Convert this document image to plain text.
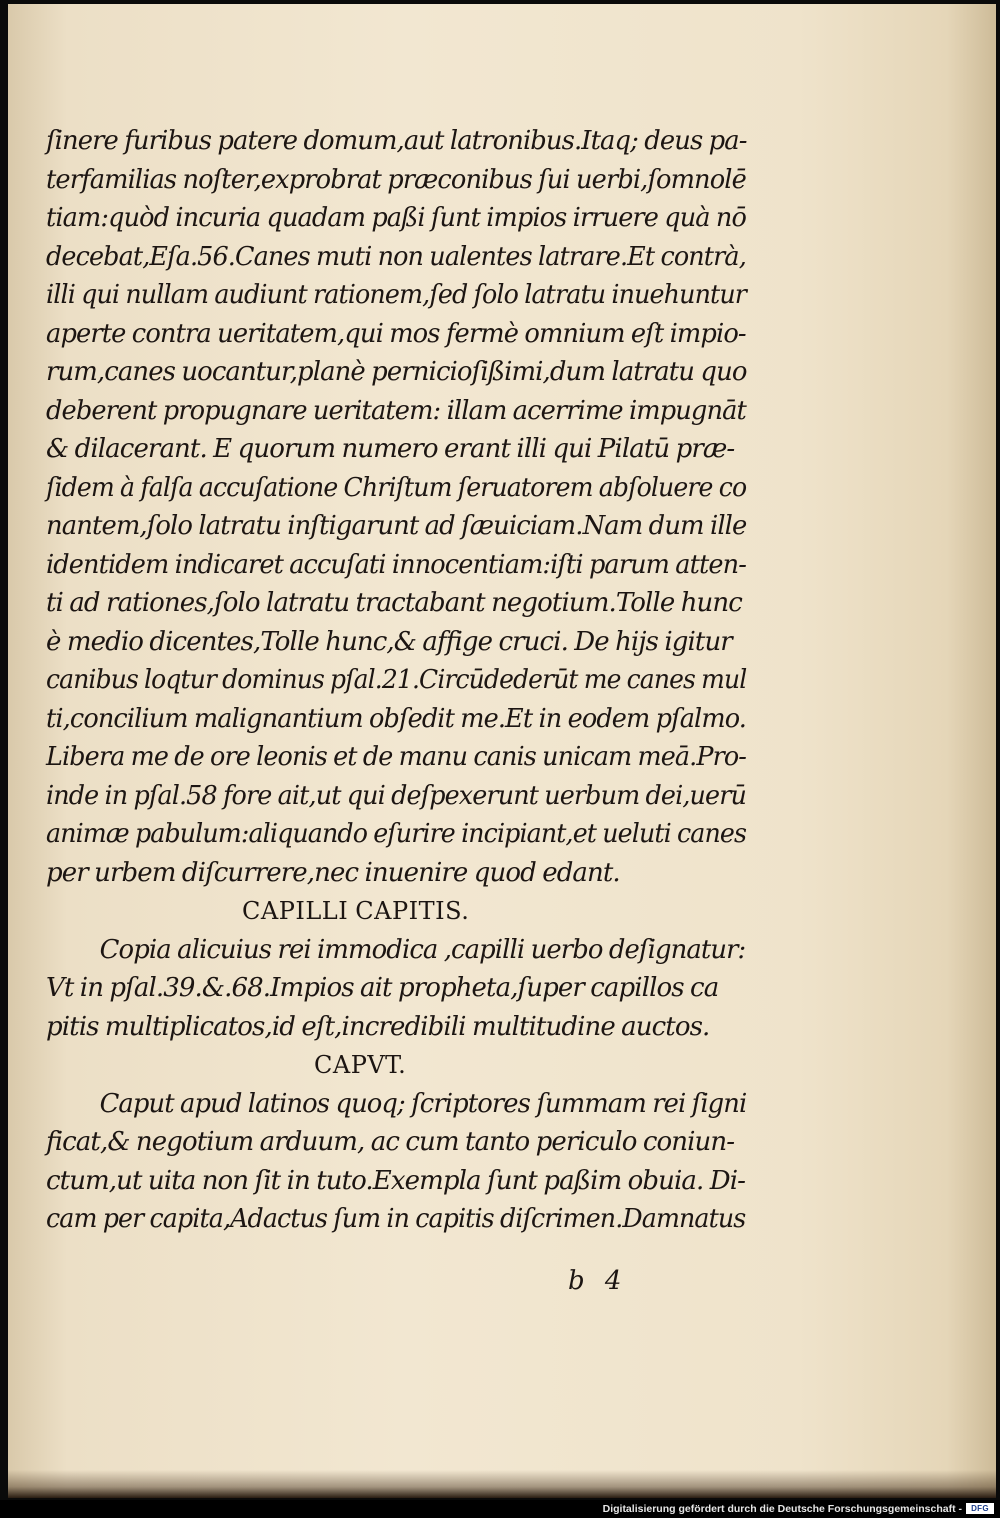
ſinere furibus patere domum,aut latronibus.Itaq; deus pa-
terfamilias noſter,exprobrat præconibus ſui uerbi,ſomnolē
tiam:quòd incuria quadam paßi ſunt impios irruere quà nō
decebat,Eſa.56.Canes muti non ualentes latrare.Et contrà,
illi qui nullam audiunt rationem,ſed ſolo latratu inuehuntur
aperte contra ueritatem,qui mos fermè omnium eſt impio-
rum,canes uocantur,planè pernicioſißimi,dum latratu quo
deberent propugnare ueritatem: illam acerrime impugnāt
& dilacerant. E quorum numero erant illi qui Pilatū præ-
ſidem à falſa accuſatione Chriſtum ſeruatorem abſoluere co
nantem,ſolo latratu inſtigarunt ad ſæuiciam.Nam dum ille
identidem indicaret accuſati innocentiam:iſti parum atten-
ti ad rationes,ſolo latratu tractabant negotium.Tolle hunc
è medio dicentes,Tolle hunc,& affige cruci. De hijs igitur
canibus loqtur dominus pſal.21.Circūdederūt me canes mul
ti,concilium malignantium obſedit me.Et in eodem pſalmo.
Libera me de ore leonis et de manu canis unicam meā.Pro-
inde in pſal.58 fore ait,ut qui deſpexerunt uerbum dei,uerū
animæ pabulum:aliquando eſurire incipiant,et ueluti canes
per urbem diſcurrere,nec inuenire quod edant.
CAPILLI CAPITIS.
Copia alicuius rei immodica ,capilli uerbo deſignatur:
Vt in pſal.39.&.68.Impios ait propheta,ſuper capillos ca
pitis multiplicatos,id eſt,incredibili multitudine auctos.
CAPVT.
Caput apud latinos quoq; ſcriptores ſummam rei ſigni
ficat,& negotium arduum, ac cum tanto periculo coniun-
ctum,ut uita non ſit in tuto.Exempla ſunt paßim obuia. Di-
cam per capita,Adactus ſum in capitis diſcrimen.Damnatus
b 4
Digitalisierung gefördert durch die Deutsche Forschungsgemeinschaft -	DFG
